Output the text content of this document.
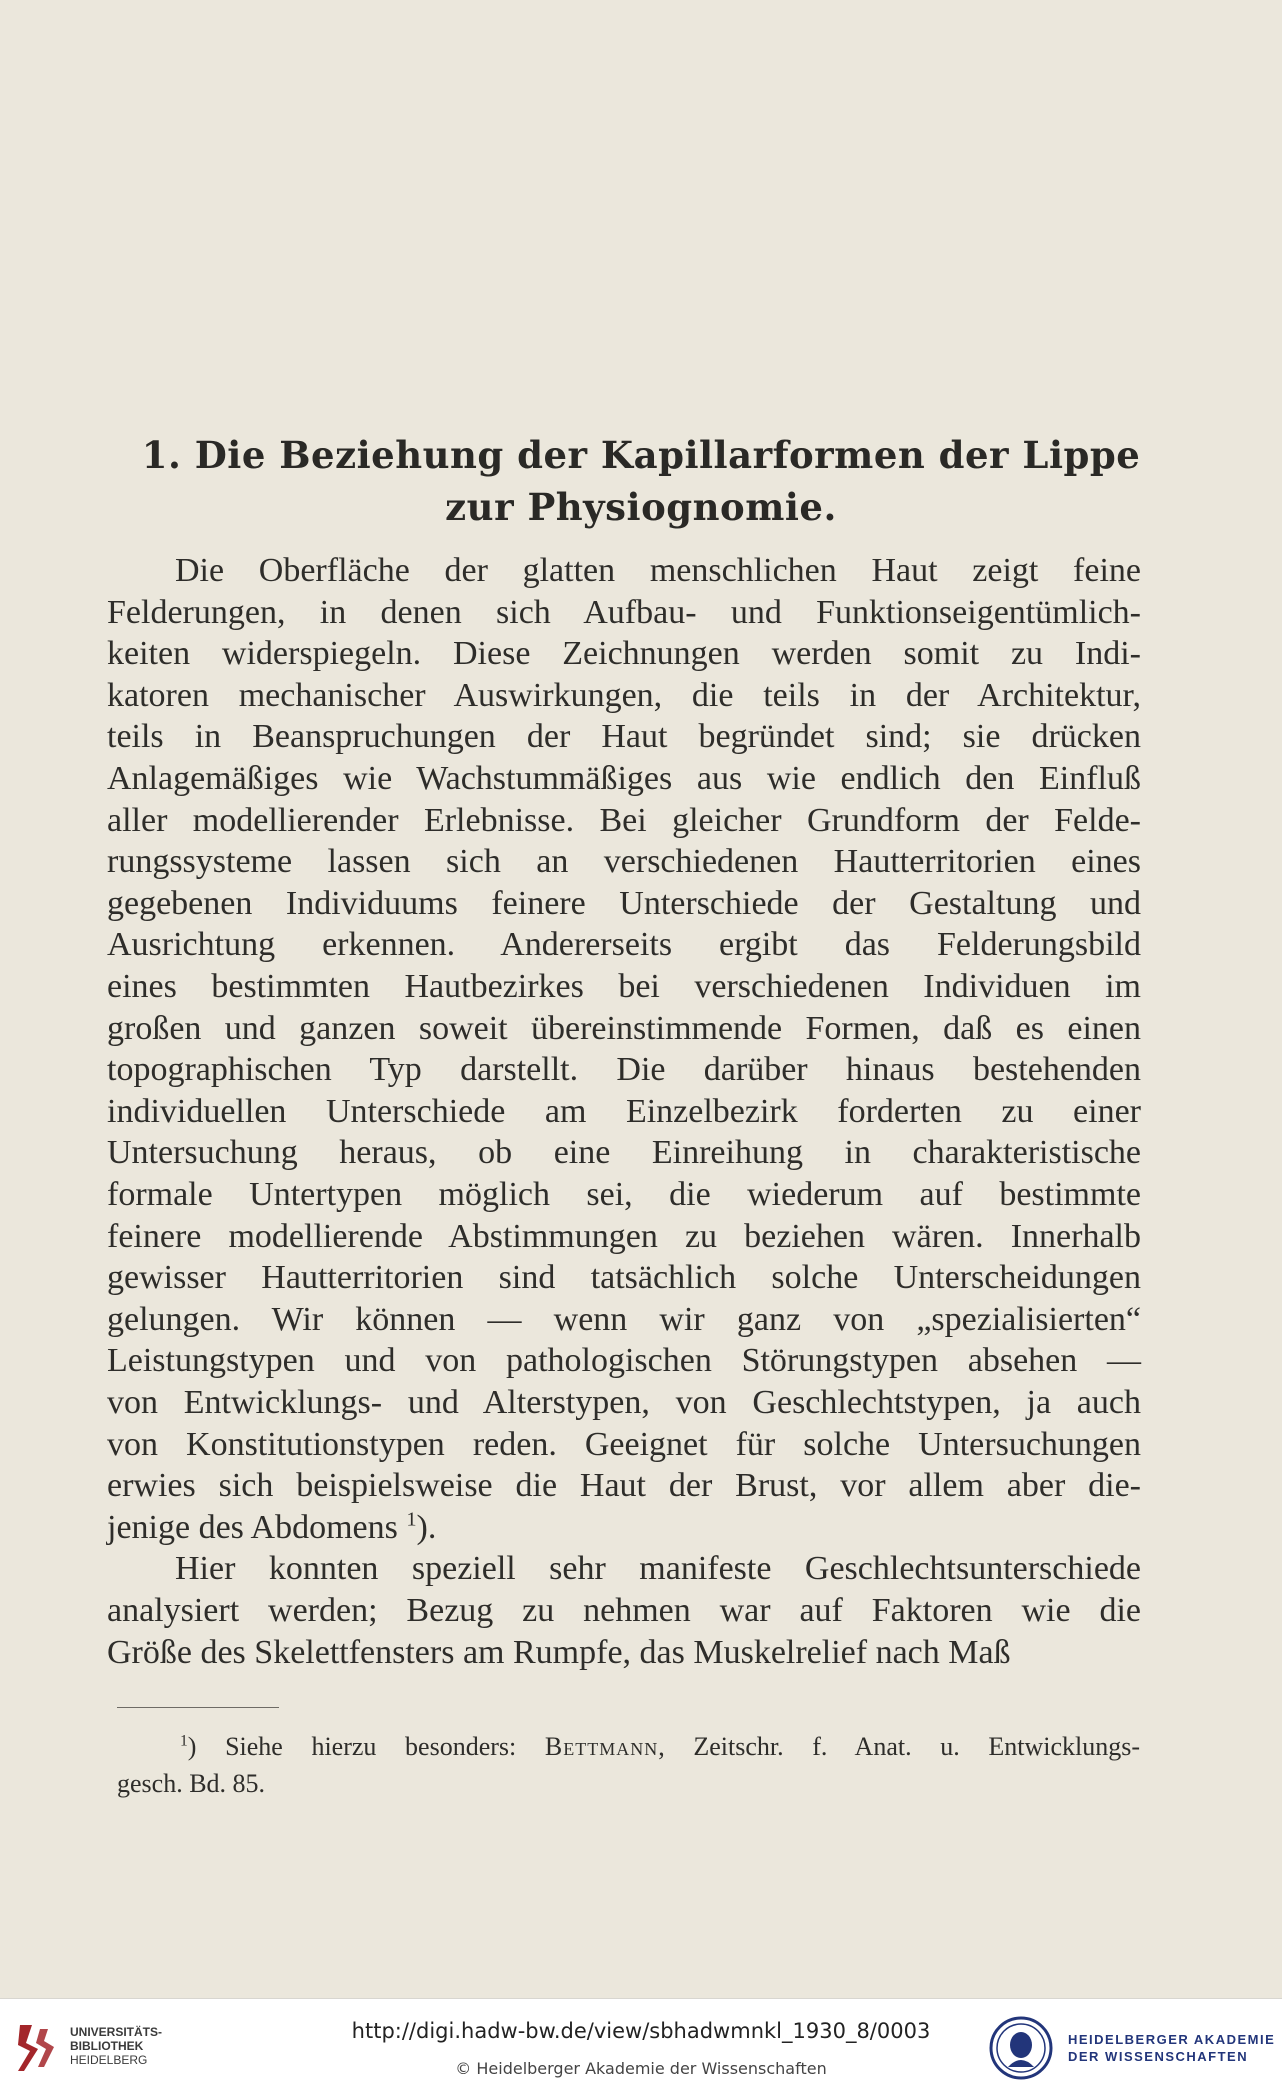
1. Die Beziehung der Kapillarformen der Lippe
zur Physiognomie.
Die Oberfläche der glatten menschlichen Haut zeigt feine
Felderungen, in denen sich Aufbau- und Funktionseigentümlich-
keiten widerspiegeln. Diese Zeichnungen werden somit zu Indi-
katoren mechanischer Auswirkungen, die teils in der Architektur,
teils in Beanspruchungen der Haut begründet sind; sie drücken
Anlagemäßiges wie Wachstummäßiges aus wie endlich den Einfluß
aller modellierender Erlebnisse. Bei gleicher Grundform der Felde-
rungssysteme lassen sich an verschiedenen Hautterritorien eines
gegebenen Individuums feinere Unterschiede der Gestaltung und
Ausrichtung erkennen. Andererseits ergibt das Felderungsbild
eines bestimmten Hautbezirkes bei verschiedenen Individuen im
großen und ganzen soweit übereinstimmende Formen, daß es einen
topographischen Typ darstellt. Die darüber hinaus bestehenden
individuellen Unterschiede am Einzelbezirk forderten zu einer
Untersuchung heraus, ob eine Einreihung in charakteristische
formale Untertypen möglich sei, die wiederum auf bestimmte
feinere modellierende Abstimmungen zu beziehen wären. Innerhalb
gewisser Hautterritorien sind tatsächlich solche Unterscheidungen
gelungen. Wir können — wenn wir ganz von „spezialisierten“
Leistungstypen und von pathologischen Störungstypen absehen —
von Entwicklungs- und Alterstypen, von Geschlechtstypen, ja auch
von Konstitutionstypen reden. Geeignet für solche Untersuchungen
erwies sich beispielsweise die Haut der Brust, vor allem aber die-
jenige des Abdomens $^1$).
Hier konnten speziell sehr manifeste Geschlechtsunterschiede
analysiert werden; Bezug zu nehmen war auf Faktoren wie die
Größe des Skelettfensters am Rumpfe, das Muskelrelief nach Maß
$^1$) Siehe hierzu besonders: Bettmann, Zeitschr. f. Anat. u. Entwicklungs-
gesch. Bd. 85.
UNIVERSITÄTS-
BIBLIOTHEK
HEIDELBERG
http://digi.hadw-bw.de/view/sbhadwmnkl_1930_8/0003
© Heidelberger Akademie der Wissenschaften
HEIDELBERGER AKADEMIE
DER WISSENSCHAFTEN
